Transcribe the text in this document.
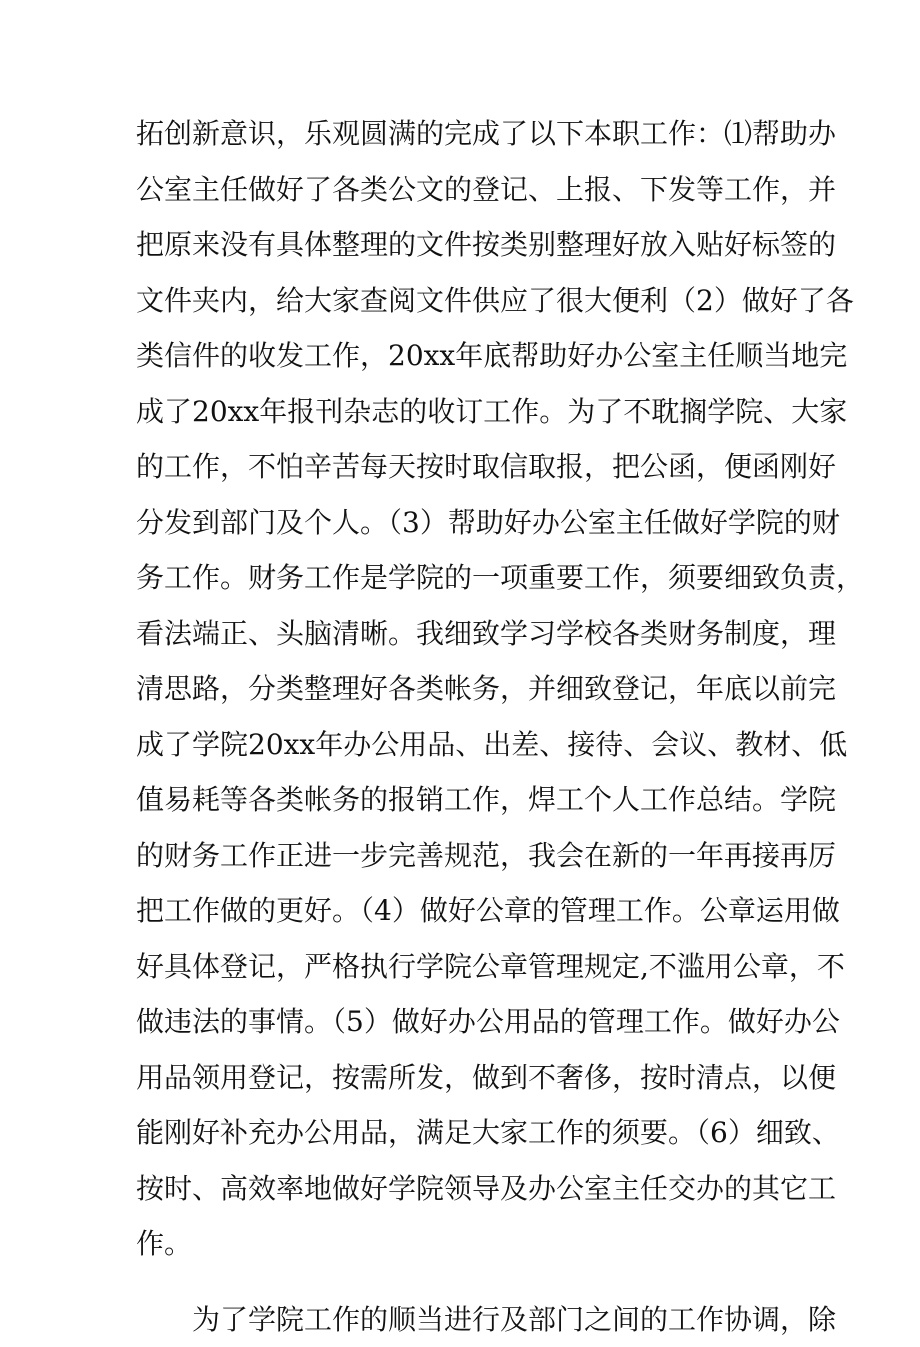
拓创新意识，乐观圆满的完成了以下本职工作：⑴帮助办
公室主任做好了各类公文的登记、上报、下发等工作，并
把原来没有具体整理的文件按类别整理好放入贴好标签的
文件夹内，给大家查阅文件供应了很大便利（2）做好了各
类信件的收发工作，20xx年底帮助好办公室主任顺当地完
成了20xx年报刊杂志的收订工作。为了不耽搁学院、大家
的工作，不怕辛苦每天按时取信取报，把公函，便函刚好
分发到部门及个人。（3）帮助好办公室主任做好学院的财
务工作。财务工作是学院的一项重要工作，须要细致负责，
看法端正、头脑清晰。我细致学习学校各类财务制度，理
清思路，分类整理好各类帐务，并细致登记，年底以前完
成了学院20xx年办公用品、出差、接待、会议、教材、低
值易耗等各类帐务的报销工作，焊工个人工作总结。学院
的财务工作正进一步完善规范，我会在新的一年再接再厉
把工作做的更好。（4）做好公章的管理工作。公章运用做
好具体登记，严格执行学院公章管理规定,不滥用公章，不
做违法的事情。（5）做好办公用品的管理工作。做好办公
用品领用登记，按需所发，做到不奢侈，按时清点，以便
能刚好补充办公用品，满足大家工作的须要。（6）细致、
按时、高效率地做好学院领导及办公室主任交办的其它工
作。
为了学院工作的顺当进行及部门之间的工作协调，除
